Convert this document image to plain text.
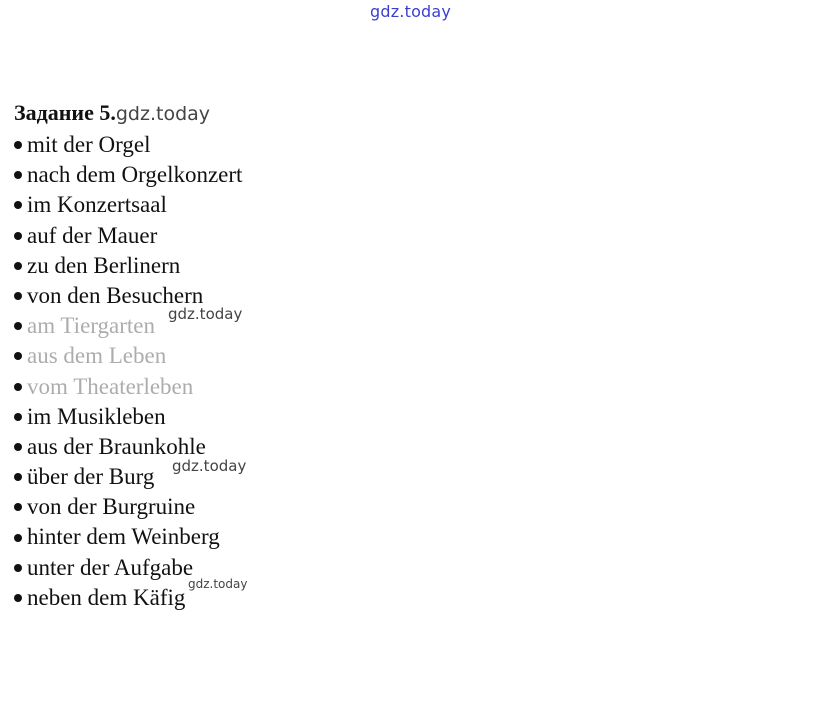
gdz.today
Задание 5.gdz.today
mit der Orgel
nach dem Orgelkonzert
im Konzertsaal
auf der Mauer
zu den Berlinern
von den Besuchern
am Tiergarten
aus dem Leben
vom Theaterleben
im Musikleben
aus der Braunkohle
über der Burg
von der Burgruine
hinter dem Weinberg
unter der Aufgabe
neben dem Käfig
gdz.today
gdz.today
gdz.today
